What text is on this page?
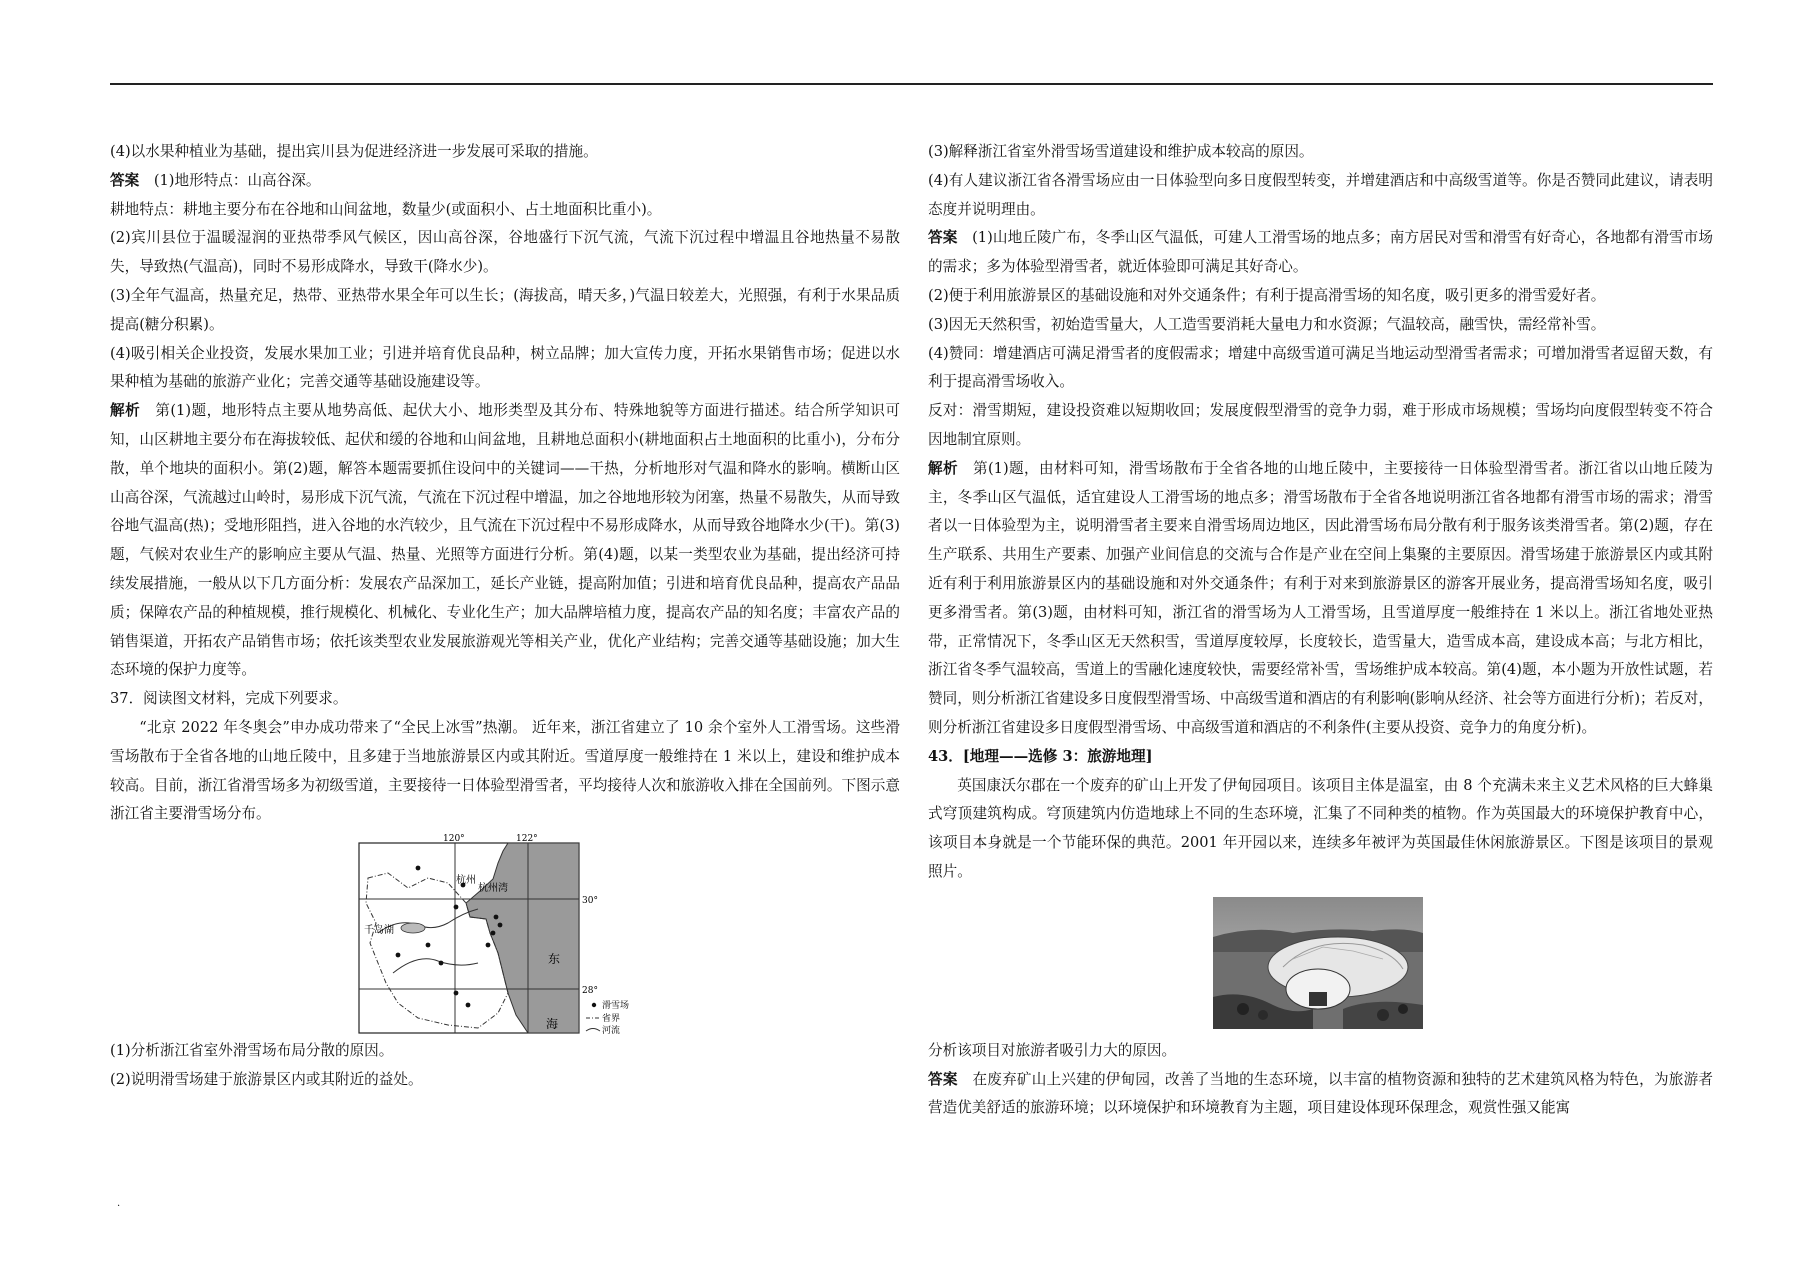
(4)以水果种植业为基础，提出宾川县为促进经济进一步发展可采取的措施。

答案　 (1)地形特点：山高谷深。

耕地特点：耕地主要分布在谷地和山间盆地，数量少(或面积小、占土地面积比重小)。

(2)宾川县位于温暖湿润的亚热带季风气候区，因山高谷深，谷地盛行下沉气流，气流下沉过程中增温且谷地热量不易散失，导致热(气温高)，同时不易形成降水，导致干(降水少)。

(3)全年气温高，热量充足，热带、亚热带水果全年可以生长；(海拔高，晴天多，)气温日较差大，光照强，有利于水果品质提高(糖分积累)。

(4)吸引相关企业投资，发展水果加工业；引进并培育优良品种，树立品牌；加大宣传力度，开拓水果销售市场；促进以水果种植为基础的旅游产业化；完善交通等基础设施建设等。

解析　 第(1)题，地形特点主要从地势高低、起伏大小、地形类型及其分布、特殊地貌等方面进行描述。结合所学知识可知，山区耕地主要分布在海拔较低、起伏和缓的谷地和山间盆地，且耕地总面积小(耕地面积占土地面积的比重小)，分布分散，单个地块的面积小。第(2)题，解答本题需要抓住设问中的关键词——干热，分析地形对气温和降水的影响。横断山区山高谷深，气流越过山岭时，易形成下沉气流，气流在下沉过程中增温，加之谷地地形较为闭塞，热量不易散失，从而导致谷地气温高(热)；受地形阻挡，进入谷地的水汽较少，且气流在下沉过程中不易形成降水，从而导致谷地降水少(干)。第(3)题，气候对农业生产的影响应主要从气温、热量、光照等方面进行分析。第(4)题，以某一类型农业为基础，提出经济可持续发展措施，一般从以下几方面分析：发展农产品深加工，延长产业链，提高附加值；引进和培育优良品种，提高农产品品质；保障农产品的种植规模，推行规模化、机械化、专业化生产；加大品牌培植力度，提高农产品的知名度；丰富农产品的销售渠道，开拓农产品销售市场；依托该类型农业发展旅游观光等相关产业，优化产业结构；完善交通等基础设施；加大生态环境的保护力度等。

37．阅读图文材料，完成下列要求。

“北京 2022 年冬奥会”申办成功带来了“全民上冰雪”热潮。 近年来，浙江省建立了 10 余个室外人工滑雪场。这些滑雪场散布于全省各地的山地丘陵中，且多建于当地旅游景区内或其附近。雪道厚度一般维持在 1 米以上，建设和维护成本较高。目前，浙江省滑雪场多为初级雪道，主要接待一日体验型滑雪者，平均接待人次和旅游收入排在全国前列。下图示意浙江省主要滑雪场分布。

120°	122°
30°
28°
杭州
杭州湾
千岛湖
东
海
滑雪场
省界
河流

(1)分析浙江省室外滑雪场布局分散的原因。

(2)说明滑雪场建于旅游景区内或其附近的益处。

(3)解释浙江省室外滑雪场雪道建设和维护成本较高的原因。

(4)有人建议浙江省各滑雪场应由一日体验型向多日度假型转变，并增建酒店和中高级雪道等。你是否赞同此建议，请表明态度并说明理由。

答案　 (1)山地丘陵广布，冬季山区气温低，可建人工滑雪场的地点多；南方居民对雪和滑雪有好奇心，各地都有滑雪市场的需求；多为体验型滑雪者，就近体验即可满足其好奇心。

(2)便于利用旅游景区的基础设施和对外交通条件；有利于提高滑雪场的知名度，吸引更多的滑雪爱好者。

(3)因无天然积雪，初始造雪量大，人工造雪要消耗大量电力和水资源；气温较高，融雪快，需经常补雪。

(4)赞同：增建酒店可满足滑雪者的度假需求；增建中高级雪道可满足当地运动型滑雪者需求；可增加滑雪者逗留天数，有利于提高滑雪场收入。

反对：滑雪期短，建设投资难以短期收回；发展度假型滑雪的竞争力弱，难于形成市场规模；雪场均向度假型转变不符合因地制宜原则。

解析　 第(1)题，由材料可知，滑雪场散布于全省各地的山地丘陵中，主要接待一日体验型滑雪者。浙江省以山地丘陵为主，冬季山区气温低，适宜建设人工滑雪场的地点多；滑雪场散布于全省各地说明浙江省各地都有滑雪市场的需求；滑雪者以一日体验型为主，说明滑雪者主要来自滑雪场周边地区，因此滑雪场布局分散有利于服务该类滑雪者。第(2)题，存在生产联系、共用生产要素、加强产业间信息的交流与合作是产业在空间上集聚的主要原因。滑雪场建于旅游景区内或其附近有利于利用旅游景区内的基础设施和对外交通条件；有利于对来到旅游景区的游客开展业务，提高滑雪场知名度，吸引更多滑雪者。第(3)题，由材料可知，浙江省的滑雪场为人工滑雪场，且雪道厚度一般维持在 1 米以上。浙江省地处亚热带，正常情况下，冬季山区无天然积雪，雪道厚度较厚，长度较长，造雪量大，造雪成本高，建设成本高；与北方相比，浙江省冬季气温较高，雪道上的雪融化速度较快，需要经常补雪，雪场维护成本较高。第(4)题，本小题为开放性试题，若赞同，则分析浙江省建设多日度假型滑雪场、中高级雪道和酒店的有利影响(影响从经济、社会等方面进行分析)；若反对，则分析浙江省建设多日度假型滑雪场、中高级雪道和酒店的不利条件(主要从投资、竞争力的角度分析)。

43．[地理——选修 3：旅游地理]

英国康沃尔郡在一个废弃的矿山上开发了伊甸园项目。该项目主体是温室，由 8 个充满未来主义艺术风格的巨大蜂巢式穹顶建筑构成。穹顶建筑内仿造地球上不同的生态环境，汇集了不同种类的植物。作为英国最大的环境保护教育中心，该项目本身就是一个节能环保的典范。2001 年开园以来，连续多年被评为英国最佳休闲旅游景区。下图是该项目的景观照片。

分析该项目对旅游者吸引力大的原因。

答案　 在废弃矿山上兴建的伊甸园，改善了当地的生态环境，以丰富的植物资源和独特的艺术建筑风格为特色，为旅游者营造优美舒适的旅游环境；以环境保护和环境教育为主题，项目建设体现环保理念，观赏性强又能寓

.
